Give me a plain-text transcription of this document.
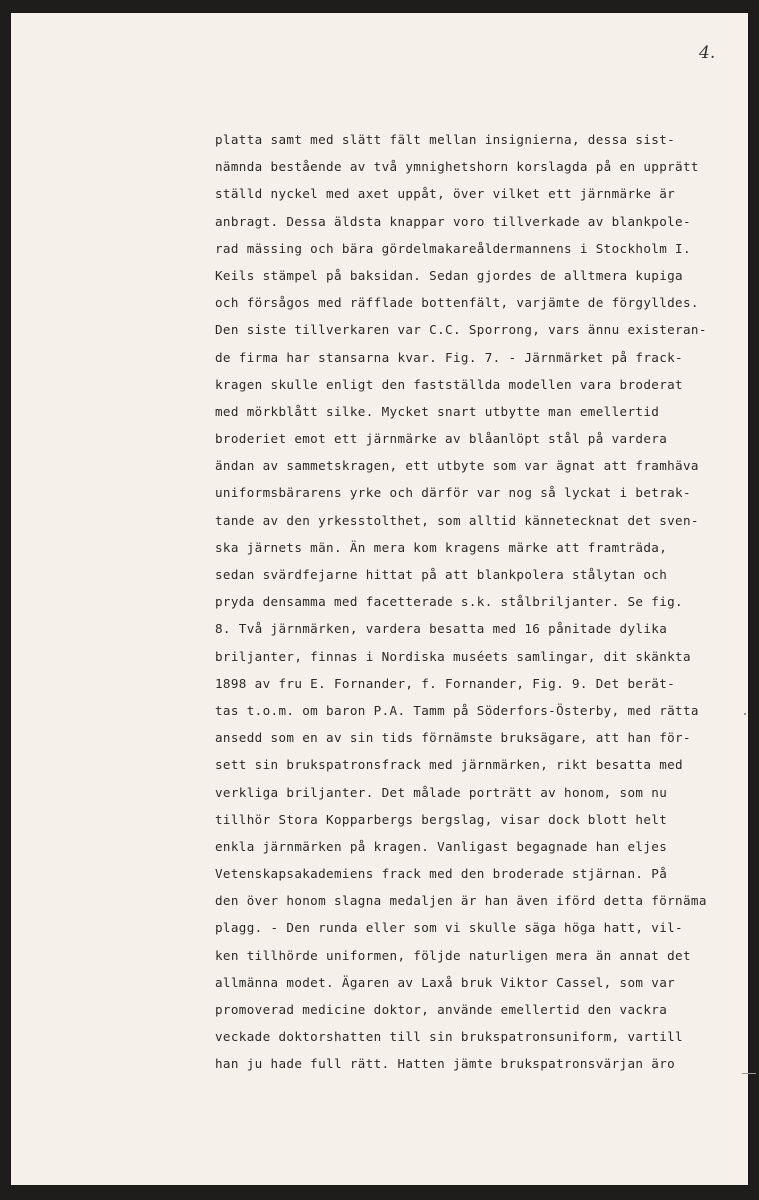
4.
platta samt med slätt fält mellan insignierna, dessa sist-
nämnda bestående av två ymnighetshorn korslagda på en upprätt
ställd nyckel med axet uppåt, över vilket ett järnmärke är
anbragt. Dessa äldsta knappar voro tillverkade av blankpole-
rad mässing och bära gördelmakareåldermannens i Stockholm I.
Keils stämpel på baksidan. Sedan gjordes de alltmera kupiga
och försågos med räfflade bottenfält, varjämte de förgylldes.
Den siste tillverkaren var C.C. Sporrong, vars ännu existeran-
de firma har stansarna kvar. Fig. 7. - Järnmärket på frack-
kragen skulle enligt den fastställda modellen vara broderat
med mörkblått silke. Mycket snart utbytte man emellertid
broderiet emot ett järnmärke av blåanlöpt stål på vardera
ändan av sammetskragen, ett utbyte som var ägnat att framhäva
uniformsbärarens yrke och därför var nog så lyckat i betrak-
tande av den yrkesstolthet, som alltid kännetecknat det sven-
ska järnets män. Än mera kom kragens märke att framträda,
sedan svärdfejarne hittat på att blankpolera stålytan och
pryda densamma med facetterade s.k. stålbriljanter. Se fig.
8. Två järnmärken, vardera besatta med 16 pånitade dylika
briljanter, finnas i Nordiska muséets samlingar, dit skänkta
1898 av fru E. Fornander, f. Fornander, Fig. 9. Det berät-
tas t.o.m. om baron P.A. Tamm på Söderfors-Österby, med rätta
ansedd som en av sin tids förnämste bruksägare, att han för-
sett sin brukspatronsfrack med järnmärken, rikt besatta med
verkliga briljanter. Det målade porträtt av honom, som nu
tillhör Stora Kopparbergs bergslag, visar dock blott helt
enkla järnmärken på kragen. Vanligast begagnade han eljes
Vetenskapsakademiens frack med den broderade stjärnan. På
den över honom slagna medaljen är han även iförd detta förnäma
plagg. - Den runda eller som vi skulle säga höga hatt, vil-
ken tillhörde uniformen, följde naturligen mera än annat det
allmänna modet. Ägaren av Laxå bruk Viktor Cassel, som var
promoverad medicine doktor, använde emellertid den vackra
veckade doktorshatten till sin brukspatronsuniform, vartill
han ju hade full rätt. Hatten jämte brukspatronsvärjan äro
